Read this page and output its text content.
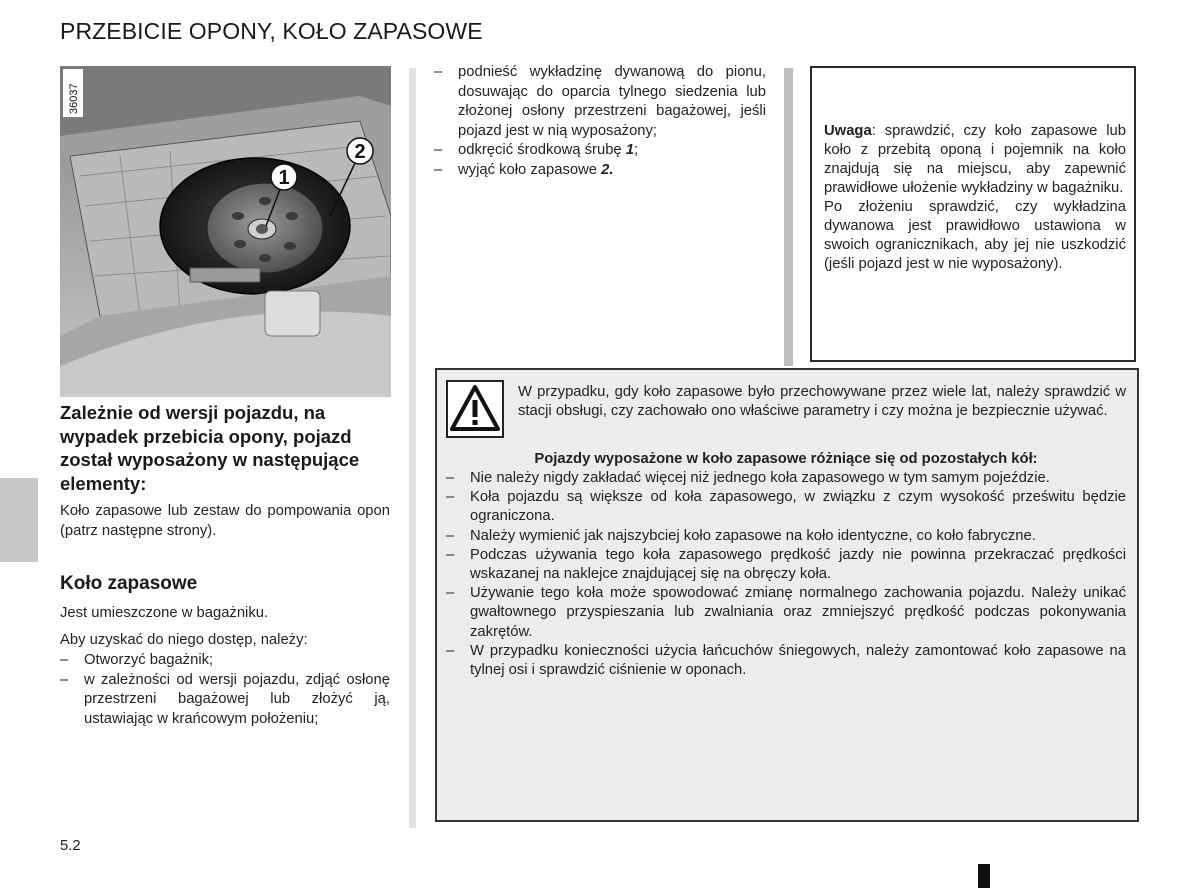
PRZEBICIE OPONY, KOŁO ZAPASOWE
1
2
36037
Zależnie od wersji pojazdu, na wypadek przebicia opony, pojazd został wyposażony w następujące elementy:
Koło zapasowe lub zestaw do pompowania opon (patrz następne strony).
Koło zapasowe
Jest umieszczone w bagażniku.
Aby uzyskać do niego dostęp, należy:
– Otworzyć bagażnik;
– w zależności od wersji pojazdu, zdjąć osłonę przestrzeni bagażowej lub złożyć ją, ustawiając w krańcowym położeniu;
– podnieść wykładzinę dywanową do pionu, dosuwając do oparcia tylnego siedzenia lub złożonej osłony przestrzeni bagażowej, jeśli pojazd jest w nią wyposażony;
– odkręcić środkową śrubę 1;
– wyjąć koło zapasowe 2.
Uwaga: sprawdzić, czy koło zapasowe lub koło z przebitą oponą i pojemnik na koło znajdują się na miejscu, aby zapewnić prawidłowe ułożenie wykładziny w bagażniku.
Po złożeniu sprawdzić, czy wykładzina dywanowa jest prawidłowo ustawiona w swoich ogranicznikach, aby jej nie uszkodzić (jeśli pojazd jest w nie wyposażony).
W przypadku, gdy koło zapasowe było przechowywane przez wiele lat, należy sprawdzić w stacji obsługi, czy zachowało ono właściwe parametry i czy można je bezpiecznie używać.
Pojazdy wyposażone w koło zapasowe różniące się od pozostałych kół:
– Nie należy nigdy zakładać więcej niż jednego koła zapasowego w tym samym pojeździe.
– Koła pojazdu są większe od koła zapasowego, w związku z czym wysokość prześwitu będzie ograniczona.
– Należy wymienić jak najszybciej koło zapasowe na koło identyczne, co koło fabryczne.
– Podczas używania tego koła zapasowego prędkość jazdy nie powinna przekraczać prędkości wskazanej na naklejce znajdującej się na obręczy koła.
– Używanie tego koła może spowodować zmianę normalnego zachowania pojazdu. Należy unikać gwałtownego przyspieszania lub zwalniania oraz zmniejszyć prędkość podczas pokonywania zakrętów.
– W przypadku konieczności użycia łańcuchów śniegowych, należy zamontować koło zapasowe na tylnej osi i sprawdzić ciśnienie w oponach.
5.2
